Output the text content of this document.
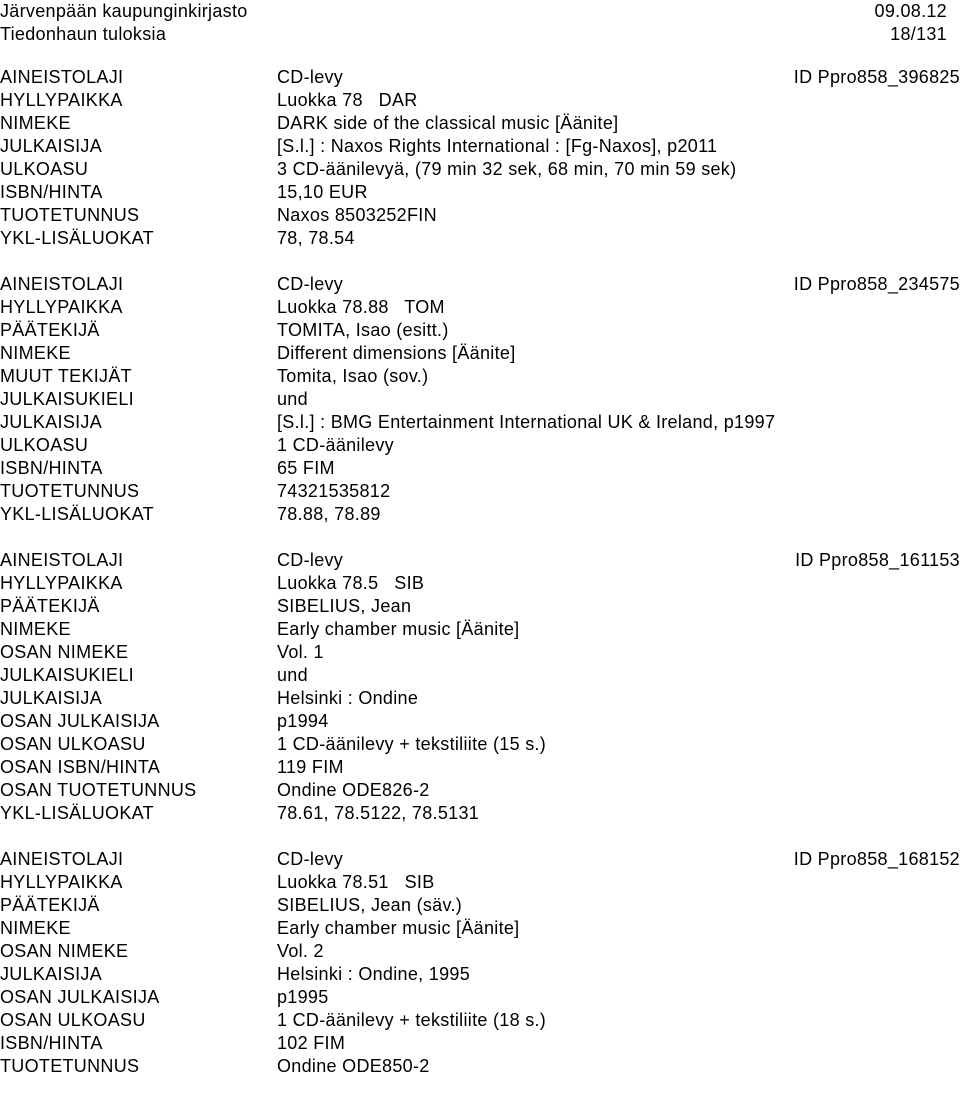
Järvenpään kaupunginkirjasto	09.08.12
Tiedonhaun tuloksia	18/131
AINEISTOLAJI	CD-levy	ID Ppro858_396825
HYLLYPAIKKA	Luokka 78   DAR
NIMEKE	DARK side of the classical music [Äänite]
JULKAISIJA	[S.l.] : Naxos Rights International : [Fg-Naxos], p2011
ULKOASU	3 CD-äänilevyä, (79 min 32 sek, 68 min, 70 min 59 sek)
ISBN/HINTA	15,10 EUR
TUOTETUNNUS	Naxos 8503252FIN
YKL-LISÄLUOKAT	78, 78.54
AINEISTOLAJI	CD-levy	ID Ppro858_234575
HYLLYPAIKKA	Luokka 78.88   TOM
PÄÄTEKIJÄ	TOMITA, Isao (esitt.)
NIMEKE	Different dimensions [Äänite]
MUUT TEKIJÄT	Tomita, Isao (sov.)
JULKAISUKIELI	und
JULKAISIJA	[S.l.] : BMG Entertainment International UK & Ireland, p1997
ULKOASU	1 CD-äänilevy
ISBN/HINTA	65 FIM
TUOTETUNNUS	74321535812
YKL-LISÄLUOKAT	78.88, 78.89
AINEISTOLAJI	CD-levy	ID Ppro858_161153
HYLLYPAIKKA	Luokka 78.5   SIB
PÄÄTEKIJÄ	SIBELIUS, Jean
NIMEKE	Early chamber music [Äänite]
OSAN NIMEKE	Vol. 1
JULKAISUKIELI	und
JULKAISIJA	Helsinki : Ondine
OSAN JULKAISIJA	p1994
OSAN ULKOASU	1 CD-äänilevy + tekstiliite (15 s.)
OSAN ISBN/HINTA	119 FIM
OSAN TUOTETUNNUS	Ondine ODE826-2
YKL-LISÄLUOKAT	78.61, 78.5122, 78.5131
AINEISTOLAJI	CD-levy	ID Ppro858_168152
HYLLYPAIKKA	Luokka 78.51   SIB
PÄÄTEKIJÄ	SIBELIUS, Jean (säv.)
NIMEKE	Early chamber music [Äänite]
OSAN NIMEKE	Vol. 2
JULKAISIJA	Helsinki : Ondine, 1995
OSAN JULKAISIJA	p1995
OSAN ULKOASU	1 CD-äänilevy + tekstiliite (18 s.)
ISBN/HINTA	102 FIM
TUOTETUNNUS	Ondine ODE850-2
